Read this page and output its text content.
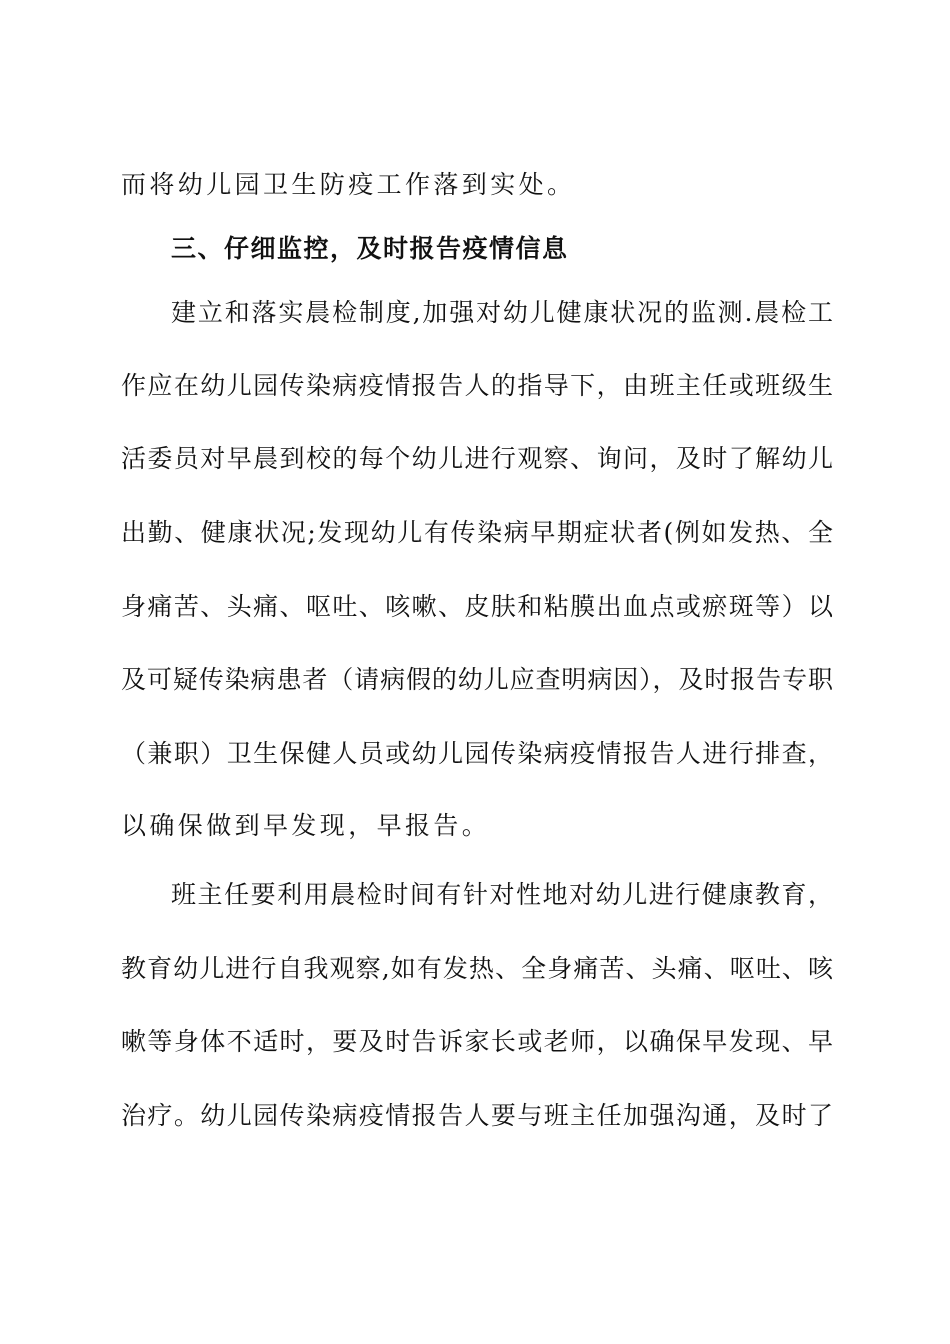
而将幼儿园卫生防疫工作落到实处。
三、仔细监控，及时报告疫情信息
建立和落实晨检制度,加强对幼儿健康状况的监测.晨检工
作应在幼儿园传染病疫情报告人的指导下，由班主任或班级生
活委员对早晨到校的每个幼儿进行观察、询问，及时了解幼儿
出勤、健康状况;发现幼儿有传染病早期症状者(例如发热、全
身痛苦、头痛、呕吐、咳嗽、皮肤和粘膜出血点或瘀斑等）以
及可疑传染病患者（请病假的幼儿应查明病因），及时报告专职
（兼职）卫生保健人员或幼儿园传染病疫情报告人进行排查，
以确保做到早发现，早报告。
班主任要利用晨检时间有针对性地对幼儿进行健康教育，
教育幼儿进行自我观察,如有发热、全身痛苦、头痛、呕吐、咳
嗽等身体不适时，要及时告诉家长或老师，以确保早发现、早
治疗。幼儿园传染病疫情报告人要与班主任加强沟通，及时了
